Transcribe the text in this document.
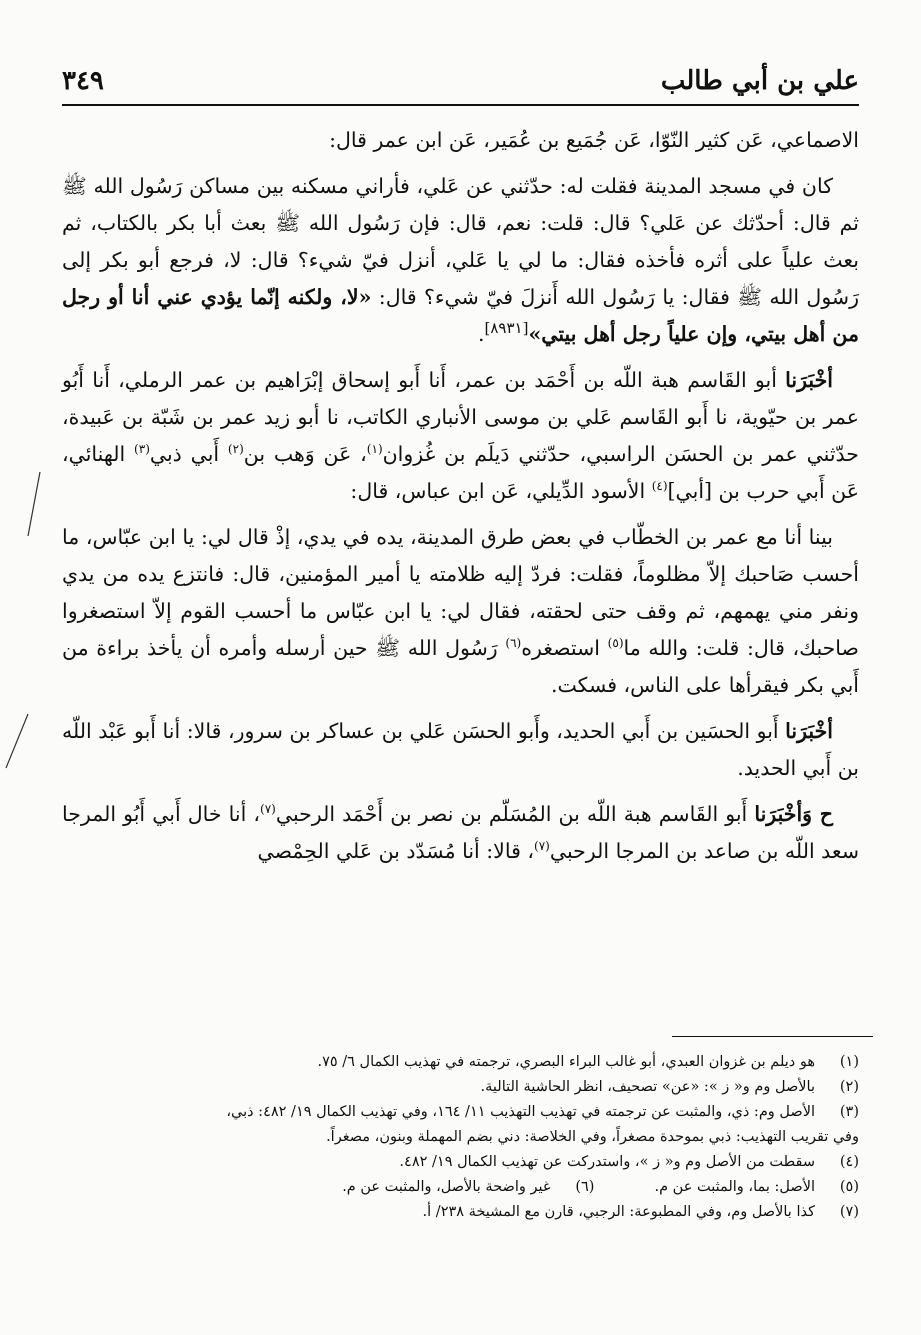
علي بن أبي طالب
٣٤٩

الاصماعي، عَن كثير النّوّا، عَن جُمَيع بن عُمَير، عَن ابن عمر قال:

كان في مسجد المدينة فقلت له: حدّثني عن عَلي، فأراني مسكنه بين مساكن رَسُول الله ﷺ ثم قال: أحدّثك عن عَلي؟ قال: قلت: نعم، قال: فإن رَسُول الله ﷺ بعث أبا بكر بالكتاب، ثم بعث علياً على أثره فأخذه فقال: ما لي يا عَلي، أنزل فيّ شيء؟ قال: لا، فرجع أبو بكر إلى رَسُول الله ﷺ فقال: يا رَسُول الله أَنزلَ فيّ شيء؟ قال: «لا، ولكنه إنّما يؤدي عني أنا أو رجل من أهل بيتي، وإن علياً رجل أهل بيتي»[٨٩٣١].

أخْبَرَنا أبو القَاسم هبة اللّه بن أَحْمَد بن عمر، أَنا أَبو إسحاق إبْرَاهيم بن عمر الرملي، أَنا أَبُو عمر بن حيّوية، نا أَبو القَاسم عَلي بن موسى الأنباري الكاتب، نا أبو زيد عمر بن شَبّة بن عَبيدة، حدّثني عمر بن الحسَن الراسبي، حدّثني دَيلَم بن غُزوان$^{(١)}$، عَن وَهب بن$^{(٢)}$ أَبي ذبي$^{(٣)}$ الهنائي، عَن أَبي حرب بن [أبي]$^{(٤)}$ الأسود الدِّيلي، عَن ابن عباس، قال:

بينا أنا مع عمر بن الخطّاب في بعض طرق المدينة، يده في يدي، إذْ قال لي: يا ابن عبّاس، ما أحسب صَاحبك إلاّ مظلوماً، فقلت: فردّ إليه ظلامته يا أمير المؤمنين، قال: فانتزع يده من يدي ونفر مني يهمهم، ثم وقف حتى لحقته، فقال لي: يا ابن عبّاس ما أحسب القوم إلاّ استصغروا صاحبك، قال: قلت: والله ما$^{(٥)}$ استصغره$^{(٦)}$ رَسُول الله ﷺ حين أرسله وأمره أن يأخذ براءة من أَبي بكر فيقرأها على الناس، فسكت.

أخْبَرَنا أَبو الحسَين بن أَبي الحديد، وأَبو الحسَن عَلي بن عساكر بن سرور، قالا: أنا أَبو عَبْد اللّه بن أَبي الحديد.

ح وَأخْبَرَنا أَبو القَاسم هبة اللّه بن المُسَلّم بن نصر بن أَحْمَد الرحبي$^{(٧)}$، أنا خال أَبي أَبُو المرجا سعد اللّه بن صاعد بن المرجا الرحبي$^{(٧)}$، قالا: أنا مُسَدّد بن عَلي الحِمْصي

(١)
هو ديلم بن غزوان العبدي، أبو غالب البراء البصري، ترجمته في تهذيب الكمال ٦/ ٧٥.
(٢)
بالأصل وم و« ز »: «عن» تصحيف، انظر الحاشية التالية.
(٣)
الأصل وم: ذي، والمثبت عن ترجمته في تهذيب التهذيب ١١/ ١٦٤، وفي تهذيب الكمال ١٩/ ٤٨٢: ذبي،
وفي تقريب التهذيب: ذبي بموحدة مصغراً، وفي الخلاصة: دني بضم المهملة وبنون، مصغراً.
(٤)
سقطت من الأصل وم و« ز »، واستدركت عن تهذيب الكمال ١٩/ ٤٨٢.
(٥)
الأصل: بما، والمثبت عن م.
(٦)
غير واضحة بالأصل، والمثبت عن م.
(٧)
كذا بالأصل وم، وفي المطبوعة: الرجبي، قارن مع المشيخة ٢٣٨/ أ.
